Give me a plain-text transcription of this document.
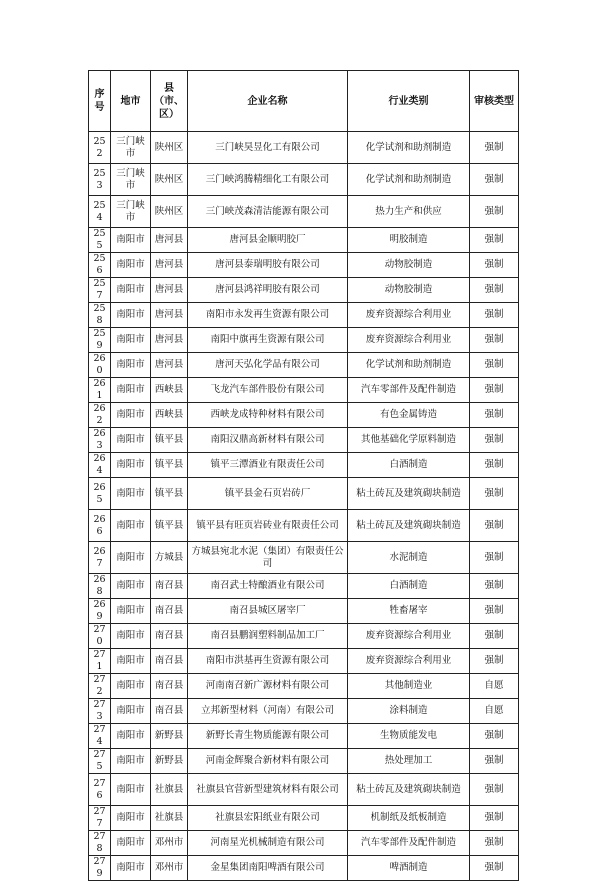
序号	地市	县（市、区）	企业名称	行业类别	审核类型
252	三门峡市	陕州区	三门峡昊昱化工有限公司	化学试剂和助剂制造	强制
253	三门峡市	陕州区	三门峡鸿腾精细化工有限公司	化学试剂和助剂制造	强制
254	三门峡市	陕州区	三门峡茂森清洁能源有限公司	热力生产和供应	强制
255	南阳市	唐河县	唐河县金顺明胶厂	明胶制造	强制
256	南阳市	唐河县	唐河县泰瑞明胶有限公司	动物胶制造	强制
257	南阳市	唐河县	唐河县鸿祥明胶有限公司	动物胶制造	强制
258	南阳市	唐河县	南阳市永发再生资源有限公司	废弃资源综合利用业	强制
259	南阳市	唐河县	南阳中旗再生资源有限公司	废弃资源综合利用业	强制
260	南阳市	唐河县	唐河天弘化学品有限公司	化学试剂和助剂制造	强制
261	南阳市	西峡县	飞龙汽车部件股份有限公司	汽车零部件及配件制造	强制
262	南阳市	西峡县	西峡龙成特种材料有限公司	有色金属铸造	强制
263	南阳市	镇平县	南阳汉鼎高新材料有限公司	其他基础化学原料制造	强制
264	南阳市	镇平县	镇平三潭酒业有限责任公司	白酒制造	强制
265	南阳市	镇平县	镇平县金石页岩砖厂	粘土砖瓦及建筑砌块制造	强制
266	南阳市	镇平县	镇平县有旺页岩砖业有限责任公司	粘土砖瓦及建筑砌块制造	强制
267	南阳市	方城县	方城县宛北水泥（集团）有限责任公司	水泥制造	强制
268	南阳市	南召县	南召武士特酿酒业有限公司	白酒制造	强制
269	南阳市	南召县	南召县城区屠宰厂	牲畜屠宰	强制
270	南阳市	南召县	南召县鹏润塑料制品加工厂	废弃资源综合利用业	强制
271	南阳市	南召县	南阳市洪基再生资源有限公司	废弃资源综合利用业	强制
272	南阳市	南召县	河南南召新广源材料有限公司	其他制造业	自愿
273	南阳市	南召县	立邦新型材料（河南）有限公司	涂料制造	自愿
274	南阳市	新野县	新野长青生物质能源有限公司	生物质能发电	强制
275	南阳市	新野县	河南金辉聚合新材料有限公司	热处理加工	强制
276	南阳市	社旗县	社旗县官营新型建筑材料有限公司	粘土砖瓦及建筑砌块制造	强制
277	南阳市	社旗县	社旗县宏阳纸业有限公司	机制纸及纸板制造	强制
278	南阳市	邓州市	河南星光机械制造有限公司	汽车零部件及配件制造	强制
279	南阳市	邓州市	金星集团南阳啤酒有限公司	啤酒制造	强制
